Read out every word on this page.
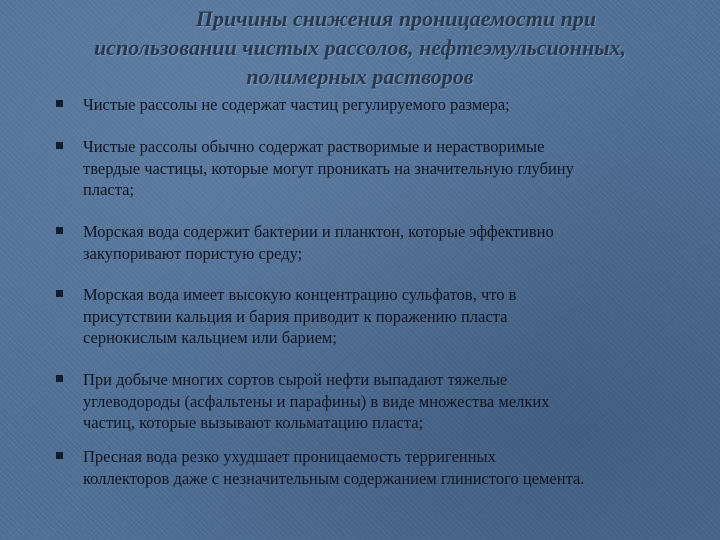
Причины снижения проницаемости при
использовании чистых рассолов, нефтеэмульсионных,
полимерных растворов
Чистые рассолы не содержат частиц регулируемого размера;
Чистые рассолы обычно содержат растворимые и нерастворимые
твердые частицы, которые могут проникать на значительную глубину
пласта;
Морская вода содержит бактерии и планктон, которые эффективно
закупоривают пористую среду;
Морская вода имеет высокую концентрацию сульфатов, что в
присутствии кальция и бария приводит к поражению пласта
сернокислым кальцием или барием;
При добыче многих сортов сырой нефти выпадают тяжелые
углеводороды (асфальтены и парафины) в виде множества мелких
частиц, которые вызывают кольматацию пласта;
Пресная вода резко ухудшает проницаемость терригенных
коллекторов даже с незначительным содержанием глинистого цемента.
